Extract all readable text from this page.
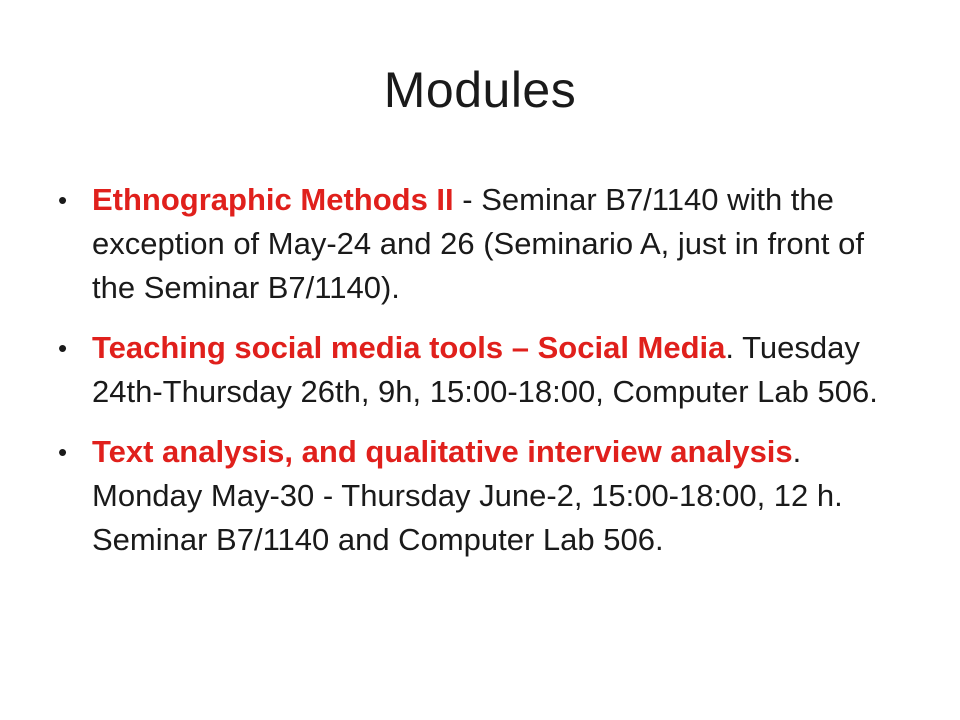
Modules
• Ethnographic Methods II - Seminar B7/1140 with the exception of May-24 and 26 (Seminario A, just in front of the Seminar B7/1140).
• Teaching social media tools – Social Media. Tuesday 24th-Thursday 26th, 9h, 15:00-18:00, Computer Lab 506.
• Text analysis, and qualitative interview analysis. Monday May-30 - Thursday June-2, 15:00-18:00, 12 h. Seminar B7/1140 and Computer Lab 506.
